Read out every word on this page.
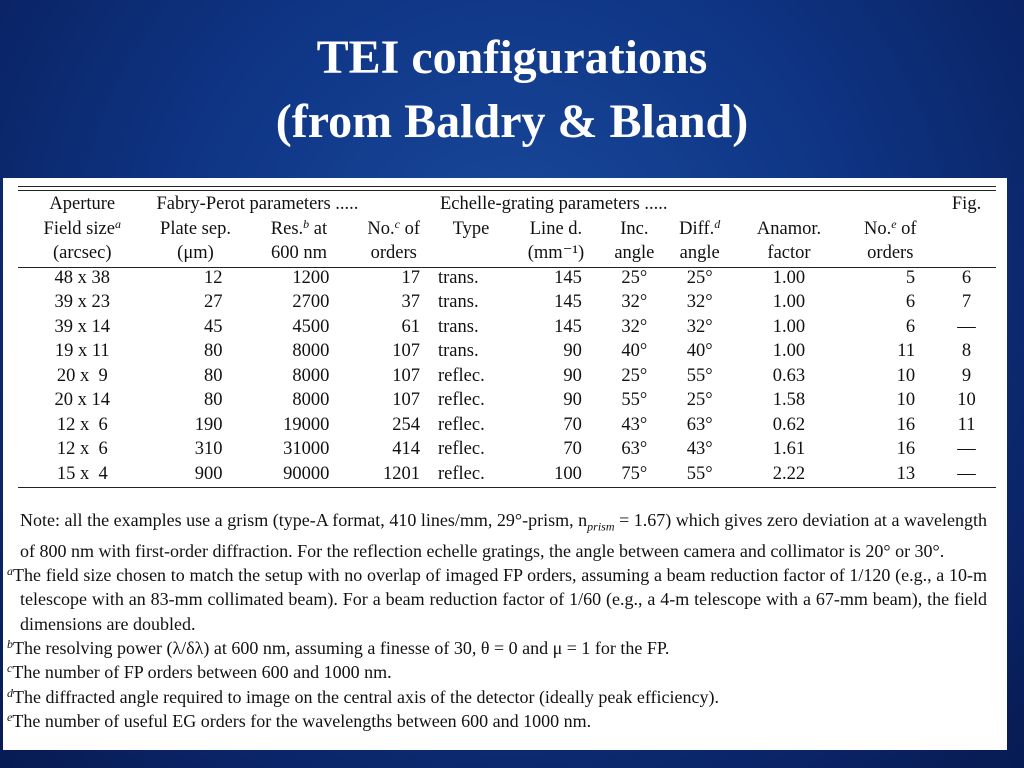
TEI configurations
(from Baldry & Bland)
Aperture	Fabry-Perot parameters .....			Echelle-grating parameters .....						Fig.
Field size$^a$	Plate sep.	Res.$^b$ at	No.$^c$ of	Type	Line d.	Inc.	Diff.$^d$	Anamor.	No.$^e$ of	
(arcsec)	(μm)	600 nm	orders		(mm⁻¹)	angle	angle	factor	orders	
48 x 38	12	1200	17	trans.	145	25°	25°	1.00	5	6
39 x 23	27	2700	37	trans.	145	32°	32°	1.00	6	7
39 x 14	45	4500	61	trans.	145	32°	32°	1.00	6	—
19 x 11	80	8000	107	trans.	90	40°	40°	1.00	11	8
20 x  9	80	8000	107	reflec.	90	25°	55°	0.63	10	9
20 x 14	80	8000	107	reflec.	90	55°	25°	1.58	10	10
12 x  6	190	19000	254	reflec.	70	43°	63°	0.62	16	11
12 x  6	310	31000	414	reflec.	70	63°	43°	1.61	16	—
15 x  4	900	90000	1201	reflec.	100	75°	55°	2.22	13	—

Note: all the examples use a grism (type-A format, 410 lines/mm, 29°-prism, $n_{prism} = 1.67$) which gives zero deviation at a wavelength of 800 nm with first-order diffraction. For the reflection echelle gratings, the angle between camera and collimator is 20° or 30°.

$^a$The field size chosen to match the setup with no overlap of imaged FP orders, assuming a beam reduction factor of 1/120 (e.g., a 10-m telescope with an 83-mm collimated beam). For a beam reduction factor of 1/60 (e.g., a 4-m telescope with a 67-mm beam), the field dimensions are doubled.

$^b$The resolving power (λ/δλ) at 600 nm, assuming a finesse of 30, θ = 0 and μ = 1 for the FP.

$^c$The number of FP orders between 600 and 1000 nm.

$^d$The diffracted angle required to image on the central axis of the detector (ideally peak efficiency).

$^e$The number of useful EG orders for the wavelengths between 600 and 1000 nm.
